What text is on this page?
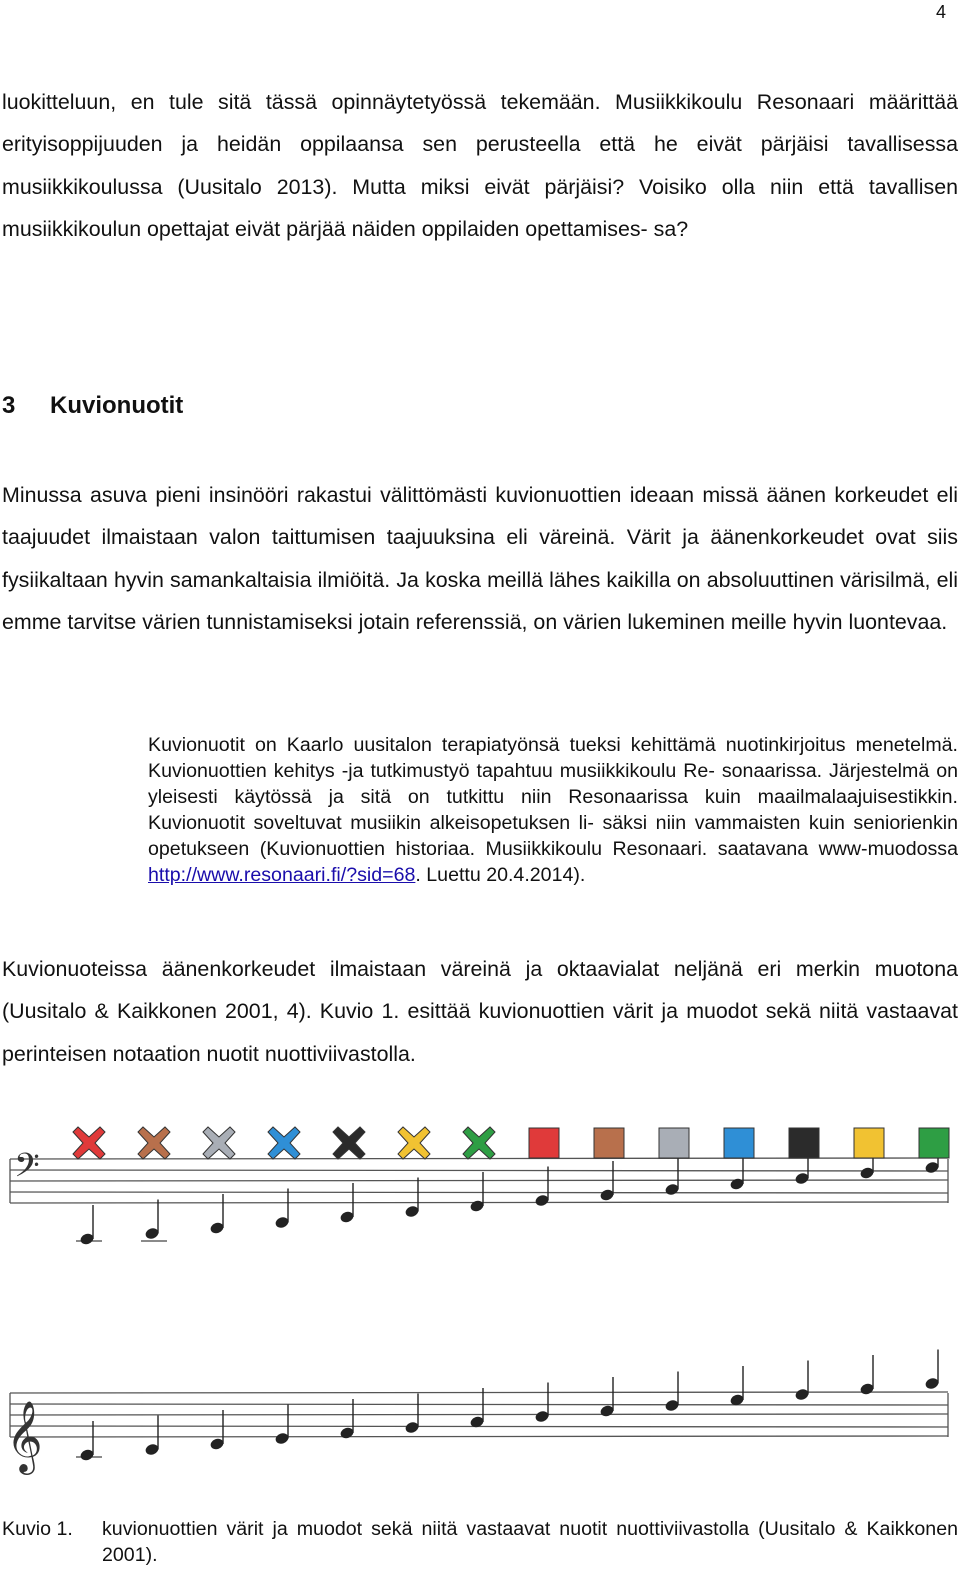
4

luokitteluun, en tule sitä tässä opinnäytetyössä tekemään. Musiikkikoulu Resonaari määrittää erityisoppijuuden ja heidän oppilaansa sen perusteella että he eivät pärjäisi tavallisessa musiikkikoulussa (Uusitalo 2013). Mutta miksi eivät pärjäisi? Voisiko olla niin että tavallisen musiikkikoulun opettajat eivät pärjää näiden oppilaiden opettamises- sa?

3 Kuvionuotit

Minussa asuva pieni insinööri rakastui välittömästi kuvionuottien ideaan missä äänen korkeudet eli taajuudet ilmaistaan valon taittumisen taajuuksina eli väreinä. Värit ja äänenkorkeudet ovat siis fysiikaltaan hyvin samankaltaisia ilmiöitä. Ja koska meillä lähes kaikilla on absoluuttinen värisilmä, eli emme tarvitse värien tunnistamiseksi jotain referenssiä, on värien lukeminen meille hyvin luontevaa.

Kuvionuotit on Kaarlo uusitalon terapiatyönsä tueksi kehittämä nuotinkirjoitus menetelmä. Kuvionuottien kehitys -ja tutkimustyö tapahtuu musiikkikoulu Re- sonaarissa. Järjestelmä on yleisesti käytössä ja sitä on tutkittu niin Resonaarissa kuin maailmalaajuisestikkin. Kuvionuotit soveltuvat musiikin alkeisopetuksen li- säksi niin vammaisten kuin seniorienkin opetukseen (Kuvionuottien historiaa. Musiikkikoulu Resonaari. saatavana www-muodossa http://www.resonaari.fi/?sid=68. Luettu 20.4.2014).

Kuvionuoteissa äänenkorkeudet ilmaistaan väreinä ja oktaavialat neljänä eri merkin muotona (Uusitalo & Kaikkonen 2001, 4). Kuvio 1. esittää kuvionuottien värit ja muodot sekä niitä vastaavat perinteisen notaation nuotit nuottiviivastolla.

𝄢
𝄞
Kuvio 1. kuvionuottien värit ja muodot sekä niitä vastaavat nuotit nuottiviivastolla (Uusitalo & Kaikkonen 2001).
